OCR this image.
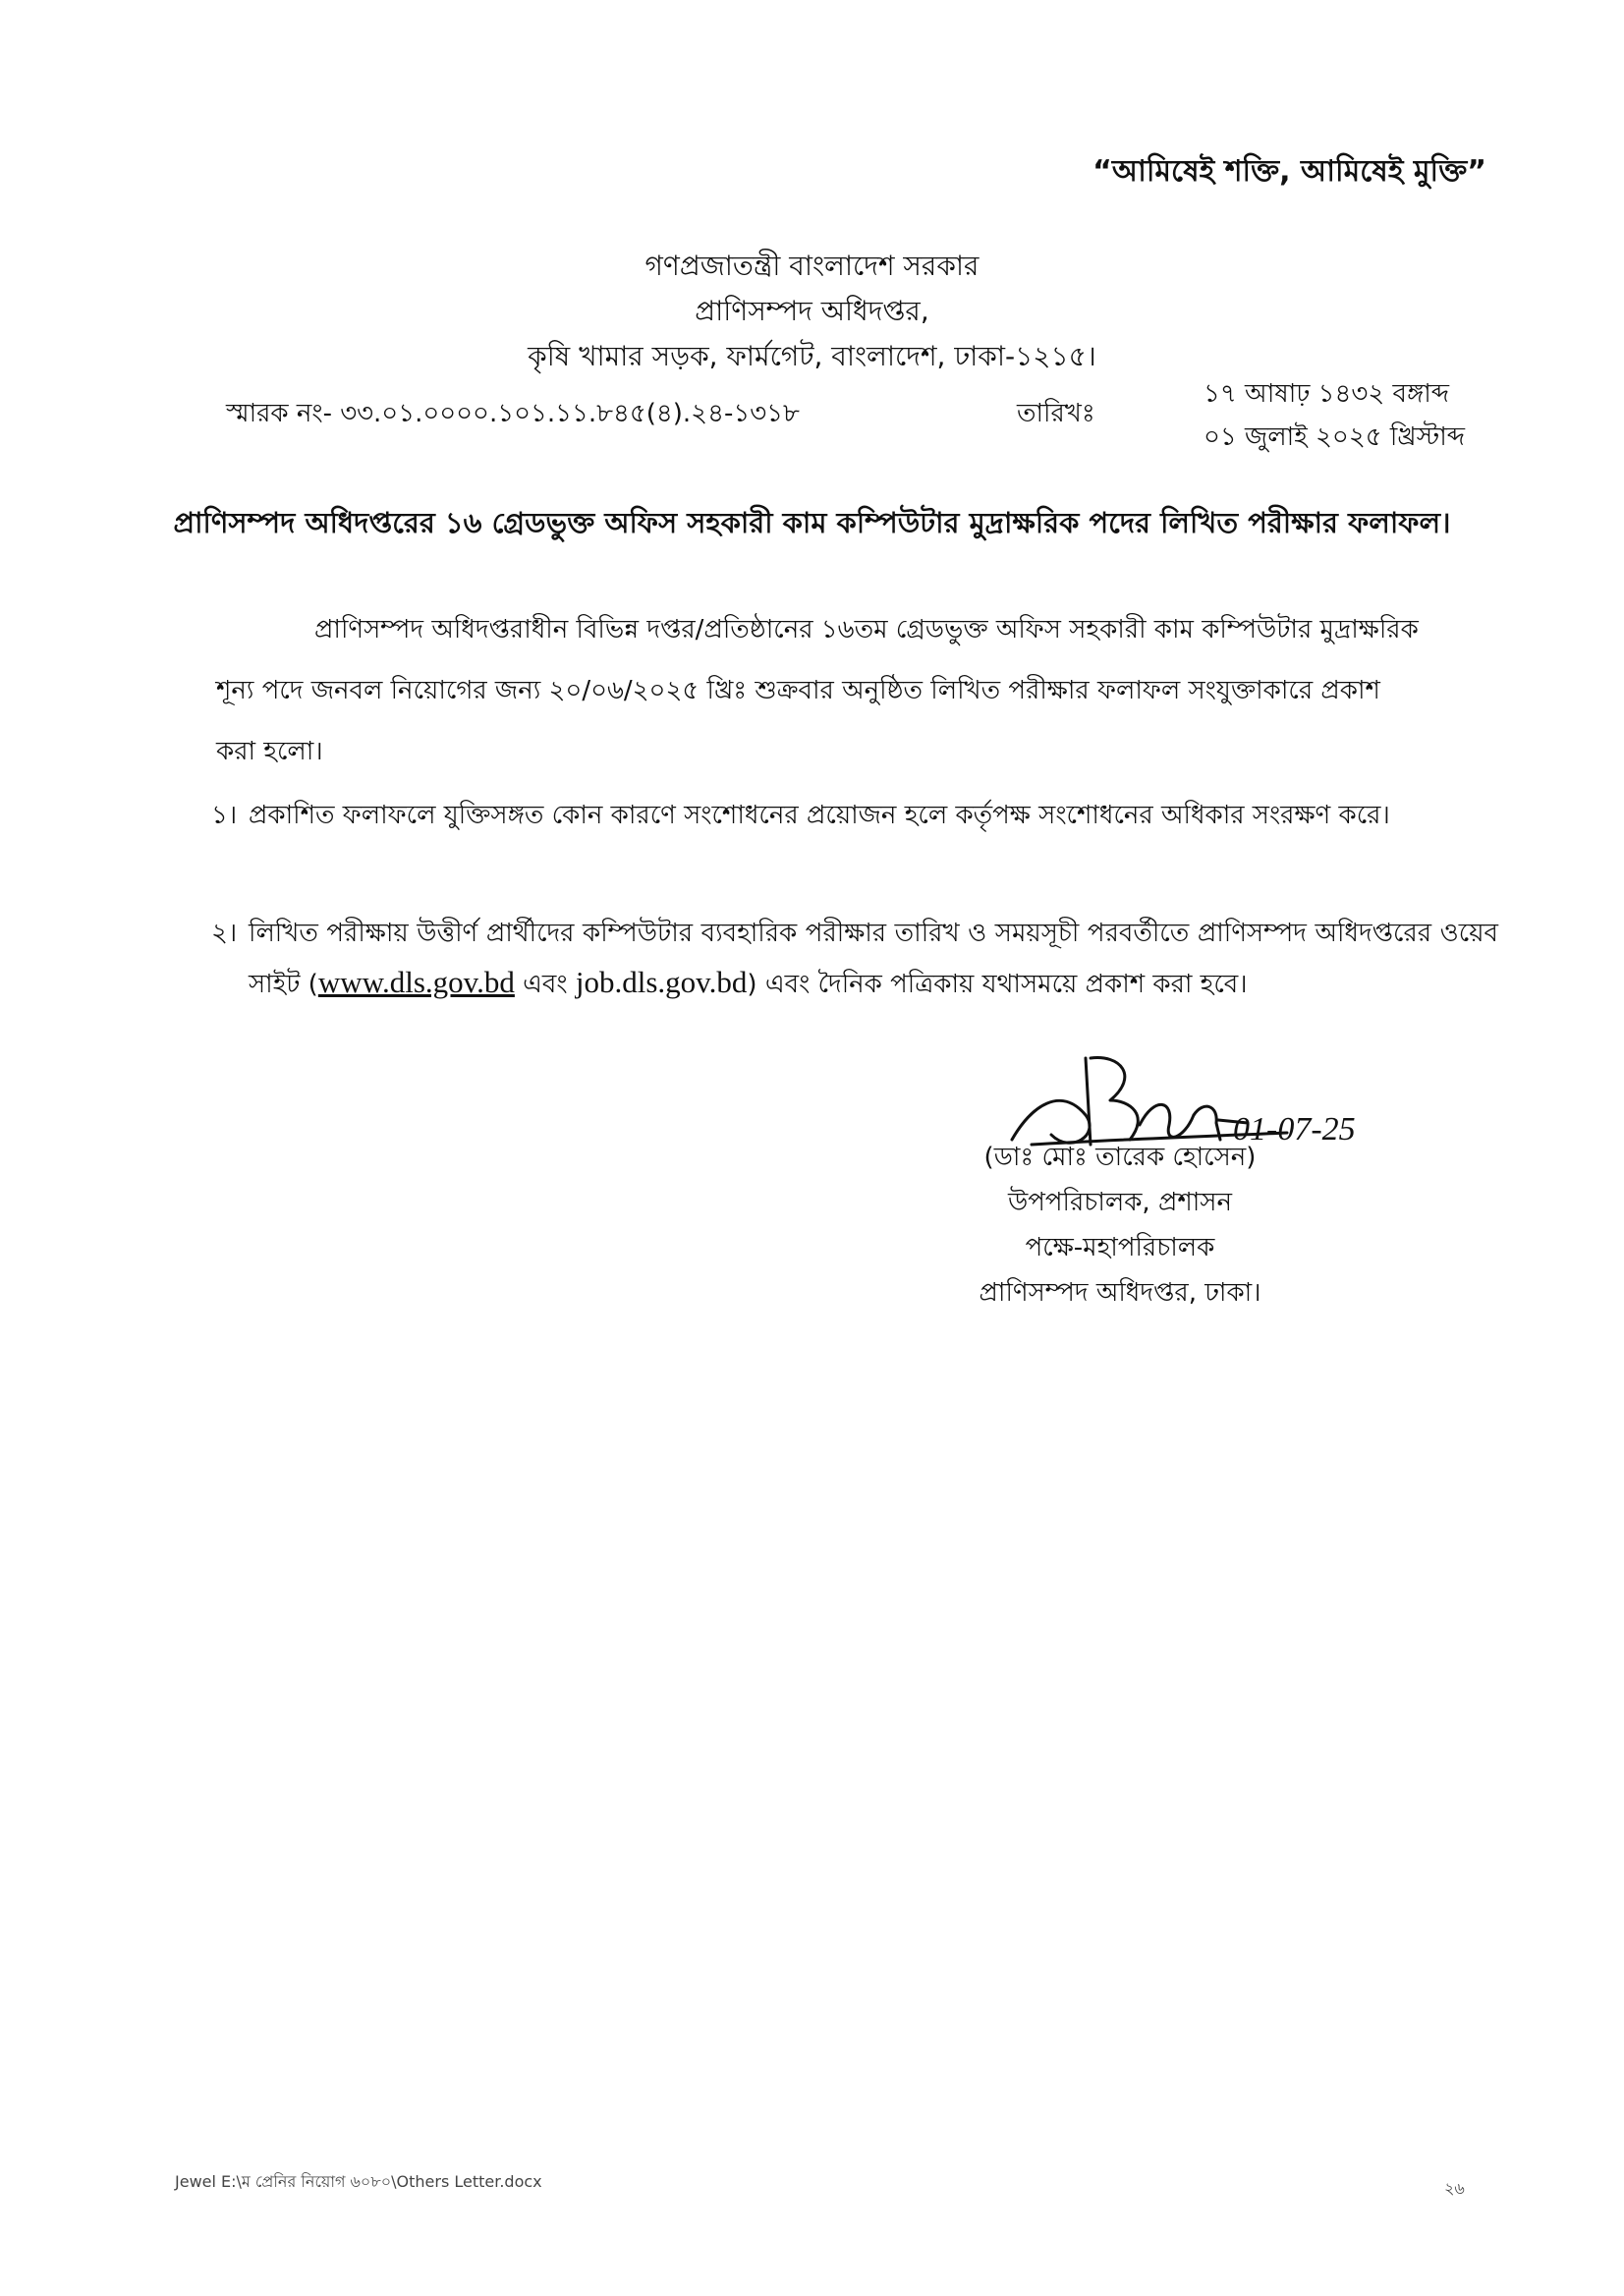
“আমিষেই শক্তি, আমিষেই মুক্তি”
গণপ্রজাতন্ত্রী বাংলাদেশ সরকার
প্রাণিসম্পদ অধিদপ্তর,
কৃষি খামার সড়ক, ফার্মগেট, বাংলাদেশ, ঢাকা-১২১৫।
স্মারক নং- ৩৩.০১.০০০০.১০১.১১.৮৪৫(৪).২৪-১৩১৮	তারিখঃ
১৭ আষাঢ় ১৪৩২ বঙ্গাব্দ
০১ জুলাই ২০২৫ খ্রিস্টাব্দ
প্রাণিসম্পদ অধিদপ্তরের ১৬ গ্রেডভুক্ত অফিস সহকারী কাম কম্পিউটার মুদ্রাক্ষরিক পদের লিখিত পরীক্ষার ফলাফল।
প্রাণিসম্পদ অধিদপ্তরাধীন বিভিন্ন দপ্তর/প্রতিষ্ঠানের ১৬তম গ্রেডভুক্ত অফিস সহকারী কাম কম্পিউটার মুদ্রাক্ষরিক
শূন্য পদে জনবল নিয়োগের জন্য ২০/০৬/২০২৫ খ্রিঃ শুক্রবার অনুষ্ঠিত লিখিত পরীক্ষার ফলাফল সংযুক্তাকারে প্রকাশ
করা হলো।
১। প্রকাশিত ফলাফলে যুক্তিসঙ্গত কোন কারণে সংশোধনের প্রয়োজন হলে কর্তৃপক্ষ সংশোধনের অধিকার সংরক্ষণ করে।
২। লিখিত পরীক্ষায় উত্তীর্ণ প্রার্থীদের কম্পিউটার ব্যবহারিক পরীক্ষার তারিখ ও সময়সূচী পরবর্তীতে প্রাণিসম্পদ অধিদপ্তরের ওয়েব সাইট (www.dls.gov.bd এবং job.dls.gov.bd) এবং দৈনিক পত্রিকায় যথাসময়ে প্রকাশ করা হবে।
01-07-25
(ডাঃ মোঃ তারেক হোসেন)
উপপরিচালক, প্রশাসন
পক্ষে-মহাপরিচালক
প্রাণিসম্পদ অধিদপ্তর, ঢাকা।
Jewel E:\ম প্রেনির নিয়োগ ৬০৮০\Others Letter.docx	২৬
